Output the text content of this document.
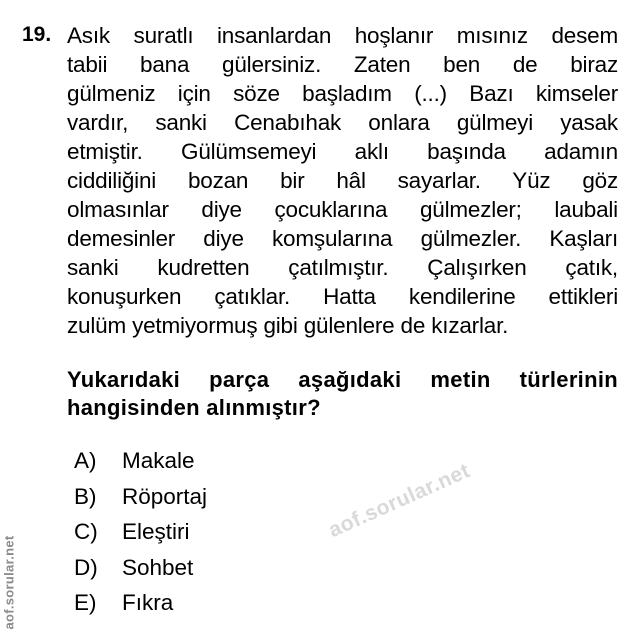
19. Asık suratlı insanlardan hoşlanır mısınız desem
tabii bana gülersiniz. Zaten ben de biraz
gülmeniz için söze başladım (...) Bazı kimseler
vardır, sanki Cenabıhak onlara gülmeyi yasak
etmiştir. Gülümsemeyi aklı başında adamın
ciddiliğini bozan bir hâl sayarlar. Yüz göz
olmasınlar diye çocuklarına gülmezler; laubali
demesinler diye komşularına gülmezler. Kaşları
sanki kudretten çatılmıştır. Çalışırken çatık,
konuşurken çatıklar. Hatta kendilerine ettikleri
zulüm yetmiyormuş gibi gülenlere de kızarlar.
Yukarıdaki parça aşağıdaki metin türlerinin
hangisinden alınmıştır?
aof.sorular.net
A)	Makale
B)	Röportaj
C)	Eleştiri
D)	Sohbet
E)	Fıkra
aof.sorular.net
